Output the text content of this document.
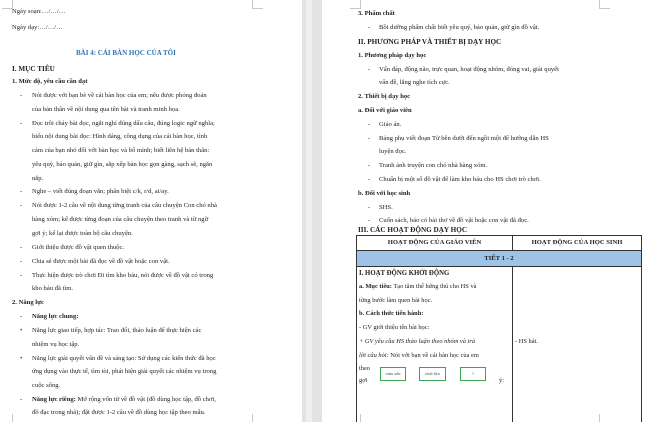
Ngày soạn:…/…/…
Ngày dạy:…/…/…
BÀI 4: CÁI BÀN HỌC CỦA TÔI
I. MỤC TIÊU
1. Mức độ, yêu cầu cần đạt
- Nói được với bạn bè về cái bàn học của em; nêu được phỏng đoán
của bản thân về nội dung qua tên bài và tranh minh họa.
- Đọc trôi chảy bài đọc, ngắt nghỉ đúng dấu câu, đúng logic ngữ nghĩa;
hiểu nội dung bài đọc: Hình dáng, công dụng của cái bàn học, tình
cảm của bạn nhỏ đối với bàn học và bố mình; biết liên hệ bản thân:
yêu quý, bảo quản, giữ gìn, sắp xếp bàn học gọn gàng, sạch sẽ, ngăn
nắp.
- Nghe – viết đúng đoạn văn; phân biệt c/k, r/d, ai/ay.
- Nói được 1-2 câu về nội dung từng tranh của câu chuyện Con chó nhà
hàng xóm; kể được từng đoạn của câu chuyện theo tranh và từ ngữ
gợi ý; kể lại được toàn bộ câu chuyện.
- Giới thiệu được đồ vật quen thuộc.
- Chia sẻ được một bài đã đọc về đồ vật hoặc con vật.
- Thực hiện được trò chơi Đi tìm kho báu, nói được về đồ vật có trong
kho báu đã tìm.
2. Năng lực
- Năng lực chung:
• Năng lực giao tiếp, hợp tác: Trao đổi, thảo luận để thực hiện các
nhiệm vụ học tập.
• Năng lực giải quyết vấn đề và sáng tạo: Sử dụng các kiến thức đã học
ứng dụng vào thực tế, tìm tòi, phát hiện giải quyết các nhiệm vụ trong
cuộc sống.
- Năng lực riêng: Mở rộng vốn từ về đồ vật (đồ dùng học tập, đồ chơi,
đồ đạc trong nhà); đặt được 1-2 câu về đồ dùng học tập theo mẫu.
3. Phẩm chất
- Bồi dưỡng phẩm chất biết yêu quý, bảo quản, giữ gìn đồ vật.
II. PHƯƠNG PHÁP VÀ THIẾT BỊ DẠY HỌC
1. Phương pháp dạy học
- Vấn đáp, động não, trực quan, hoạt động nhóm, đóng vai, giải quyết
vấn đề, lắng nghe tích cực.
2. Thiết bị dạy học
a. Đối với giáo viên
- Giáo án.
- Bảng phụ viết đoạn Từ bên dưới đến ngồi một để hướng dẫn HS
luyện đọc.
- Tranh ảnh truyện con chó nhà hàng xóm.
- Chuẩn bị một số đồ vật để làm kho báu cho HS chơi trò chơi.
b. Đối với học sinh
- SHS.
- Cuốn sách, báo có bài thơ về đồ vật hoặc con vật đã đọc.
III. CÁC HOẠT ĐỘNG DẠY HỌC
HOẠT ĐỘNG CỦA GIÁO VIÊN	HOẠT ĐỘNG CỦA HỌC SINH
TIẾT 1 - 2
I. HOẠT ĐỘNG KHỞI ĐỘNG
a. Mục tiêu: Tạo tâm thế hứng thú cho HS và
từng bước làm quen bài học.
b. Cách thức tiến hành:
- GV giới thiệu tên bài học:
+ GV yêu cầu HS thảo luận theo nhóm và trả
lời câu hỏi: Nói với bạn về cái bàn học của em
theo
gợi
màu sắc	chất liệu	?
ý:
- HS hát.
